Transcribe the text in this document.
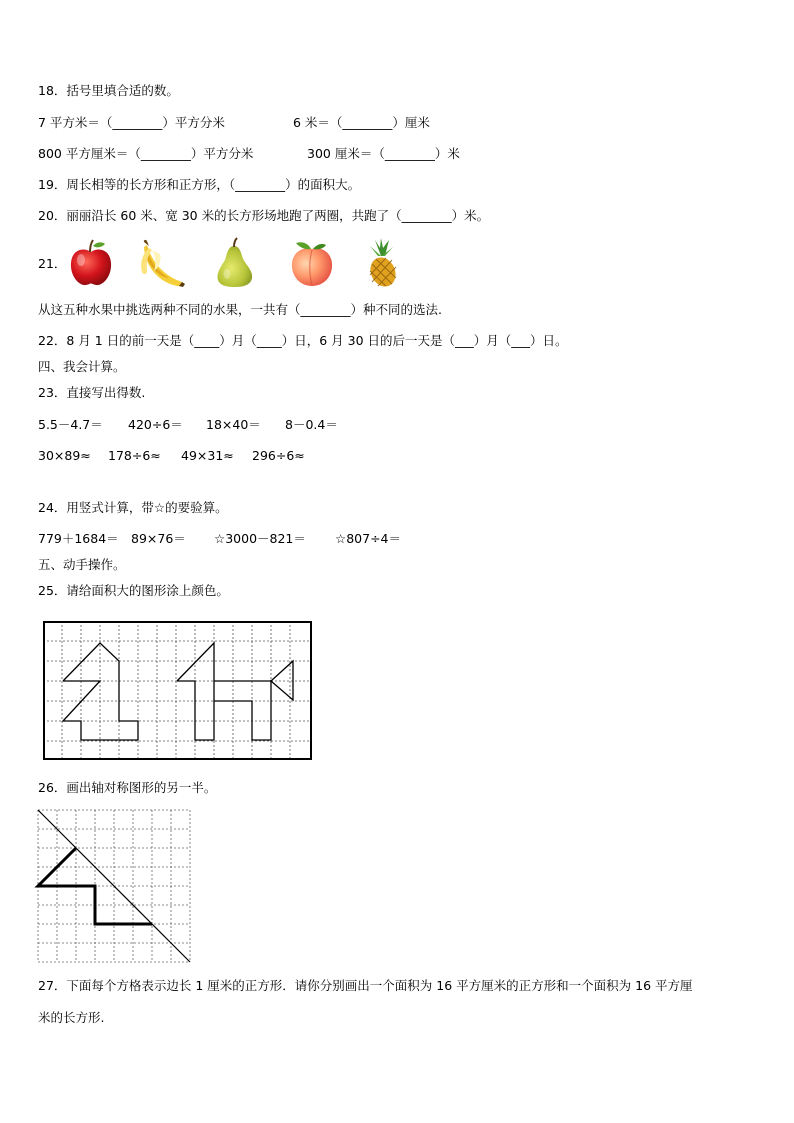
18．括号里填合适的数。
7 平方米＝（________）平方分米	6 米＝（________）厘米
800 平方厘米＝（________）平方分米	300 厘米＝（________）米
19．周长相等的长方形和正方形，（________）的面积大。
20．丽丽沿长 60 米、宽 30 米的长方形场地跑了两圈，共跑了（________）米。
21．
从这五种水果中挑选两种不同的水果，一共有（________）种不同的选法.
22．8 月 1 日的前一天是（____）月（____）日，6 月 30 日的后一天是（___）月（___）日。
四、我会计算。
23．直接写出得数.
5.5－4.7＝ 420÷6＝ 18×40＝ 8－0.4＝
30×89≈ 178÷6≈ 49×31≈ 296÷6≈
24．用竖式计算，带☆的要验算。
779＋1684＝ 89×76＝ ☆3000－821＝ ☆807÷4＝
五、动手操作。
25．请给面积大的图形涂上颜色。
26．画出轴对称图形的另一半。
27．下面每个方格表示边长 1 厘米的正方形．请你分别画出一个面积为 16 平方厘米的正方形和一个面积为 16 平方厘
米的长方形.
